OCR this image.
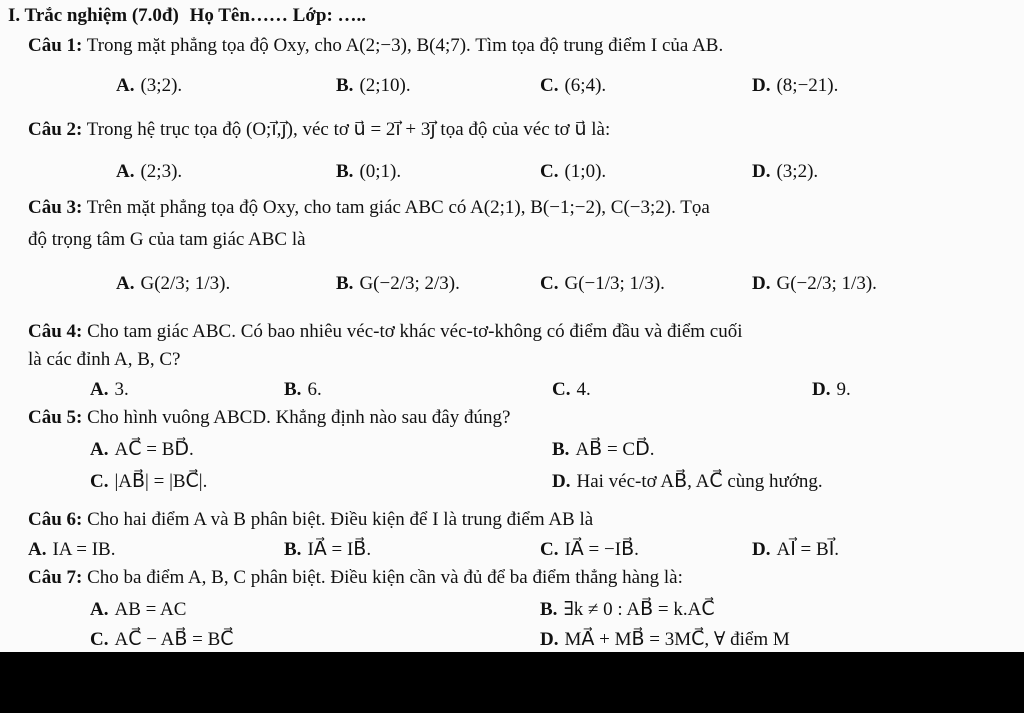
I. Trắc nghiệm (7.0đ) Họ Tên…… Lớp: …..
Câu 1: Trong mặt phẳng tọa độ Oxy, cho A(2;−3), B(4;7). Tìm tọa độ trung điểm I của AB.
A. (3;2).	B. (2;10).	C. (6;4).	D. (8;−21).
Câu 2: Trong hệ trục tọa độ (O;i⃗,j⃗), véc tơ u⃗ = 2i⃗ + 3j⃗ tọa độ của véc tơ u⃗ là:
A. (2;3).	B. (0;1).	C. (1;0).	D. (3;2).
Câu 3: Trên mặt phẳng tọa độ Oxy, cho tam giác ABC có A(2;1), B(−1;−2), C(−3;2). Tọa
độ trọng tâm G của tam giác ABC là
A. G(2/3; 1/3).	B. G(−2/3; 2/3).	C. G(−1/3; 1/3).	D. G(−2/3; 1/3).
Câu 4: Cho tam giác ABC. Có bao nhiêu véc-tơ khác véc-tơ-không có điểm đầu và điểm cuối
là các đỉnh A, B, C?
A. 3.	B. 6.	C. 4.	D. 9.
Câu 5: Cho hình vuông ABCD. Khẳng định nào sau đây đúng?
A. AC⃗ = BD⃗.	B. AB⃗ = CD⃗.
C. |AB⃗| = |BC⃗|.	D. Hai véc-tơ AB⃗, AC⃗ cùng hướng.
Câu 6: Cho hai điểm A và B phân biệt. Điều kiện để I là trung điểm AB là
A. IA = IB.	B. IA⃗ = IB⃗.	C. IA⃗ = −IB⃗.	D. AI⃗ = BI⃗.
Câu 7: Cho ba điểm A, B, C phân biệt. Điều kiện cần và đủ để ba điểm thẳng hàng là:
A. AB = AC	B. ∃k ≠ 0 : AB⃗ = k.AC⃗
C. AC⃗ − AB⃗ = BC⃗	D. MA⃗ + MB⃗ = 3MC⃗, ∀ điểm M
